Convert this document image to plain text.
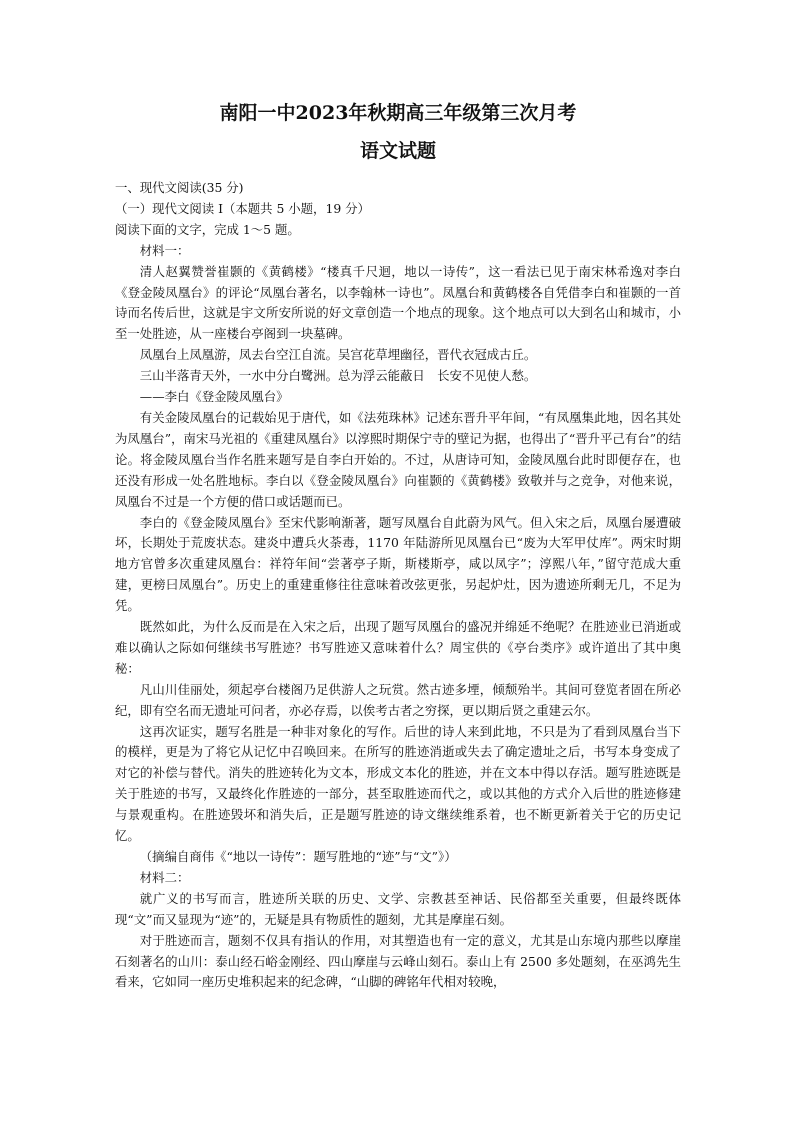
南阳一中2023年秋期高三年级第三次月考
语文试题

一、现代文阅读(35 分)

（一）现代文阅读 I（本题共 5 小题，19 分）

阅读下面的文字，完成 1～5 题。

材料一：

清人赵翼赞誉崔颢的《黄鹤楼》“楼真千尺迴，地以一诗传”，这一看法已见于南宋林希逸对李白《登金陵凤凰台》的评论“凤凰台著名，以李翰林一诗也”。凤凰台和黄鹤楼各自凭借李白和崔颢的一首诗而名传后世，这就是宇文所安所说的好文章创造一个地点的现象。这个地点可以大到名山和城市，小至一处胜迹，从一座楼台亭阁到一块墓碑。

凤凰台上凤凰游，凤去台空江自流。吴宫花草埋幽径，晋代衣冠成古丘。

三山半落青天外，一水中分白鹭洲。总为浮云能蔽日　长安不见使人愁。

——李白《登金陵凤凰台》

有关金陵凤凰台的记载始见于唐代，如《法苑珠林》记述东晋升平年间，“有凤凰集此地，因名其处为凤凰台”，南宋马光祖的《重建凤凰台》以淳熙时期保宁寺的壁记为据，也得出了“晋升平己有台”的结论。将金陵凤凰台当作名胜来题写是自李白开始的。不过，从唐诗可知，金陵凤凰台此时即便存在，也还没有形成一处名胜地标。李白以《登金陵凤凰台》向崔颢的《黄鹤楼》致敬并与之竞争，对他来说，凤凰台不过是一个方便的借口或话题而已。

李白的《登金陵凤凰台》至宋代影响渐著，题写凤凰台自此蔚为风气。但入宋之后，凤凰台屡遭破坏，长期处于荒废状态。建炎中遭兵火荼毒，1170 年陆游所见凤凰台已“废为大军甲仗库”。两宋时期地方官曾多次重建凤凰台：祥符年间“尝著亭子斯，斯楼斯亭，咸以凤字”；淳熙八年，”留守范成大重建，更榜曰凤凰台”。历史上的重建重修往往意味着改弦更张，另起炉灶，因为遗迹所剩无几，不足为凭。

既然如此，为什么反而是在入宋之后，出现了题写凤凰台的盛况并绵延不绝呢？在胜迹业已消逝或难以确认之际如何继续书写胜迹？书写胜迹又意味着什么？周宝供的《亭台类序》或许道出了其中奥秘：

凡山川佳丽处，须起亭台楼阁乃足供游人之玩赏。然古迹多堙，倾颓殆半。其间可登览者固在所必纪，即有空名而无遗址可问者，亦必存焉，以俟考古者之穷探，更以期后贤之重建云尔。

这再次证实，题写名胜是一种非对象化的写作。后世的诗人来到此地，不只是为了看到凤凰台当下的模样，更是为了将它从记忆中召唤回来。在所写的胜迹消逝或失去了确定遗址之后，书写本身变成了对它的补偿与替代。消失的胜迹转化为文本，形成文本化的胜迹，并在文本中得以存活。题写胜迹既是关于胜迹的书写，又最终化作胜迹的一部分，甚至取胜迹而代之，或以其他的方式介入后世的胜迹修建与景观重构。在胜迹毁坏和消失后，正是题写胜迹的诗文继续维系着，也不断更新着关于它的历史记忆。

（摘编自商伟《“地以一诗传”：题写胜地的“迹”与“文”》）

材料二：

就广义的书写而言，胜迹所关联的历史、文学、宗教甚至神话、民俗都至关重要，但最终既体现“文”而又显现为“迹”的，无疑是具有物质性的题刻，尤其是摩崖石刻。

对于胜迹而言，题刻不仅具有指认的作用，对其塑造也有一定的意义，尤其是山东境内那些以摩崖石刻著名的山川：泰山经石峪金刚经、四山摩崖与云峰山刻石。泰山上有 2500 多处题刻，在巫鸿先生看来，它如同一座历史堆积起来的纪念碑，“山脚的碑铭年代相对较晚，
